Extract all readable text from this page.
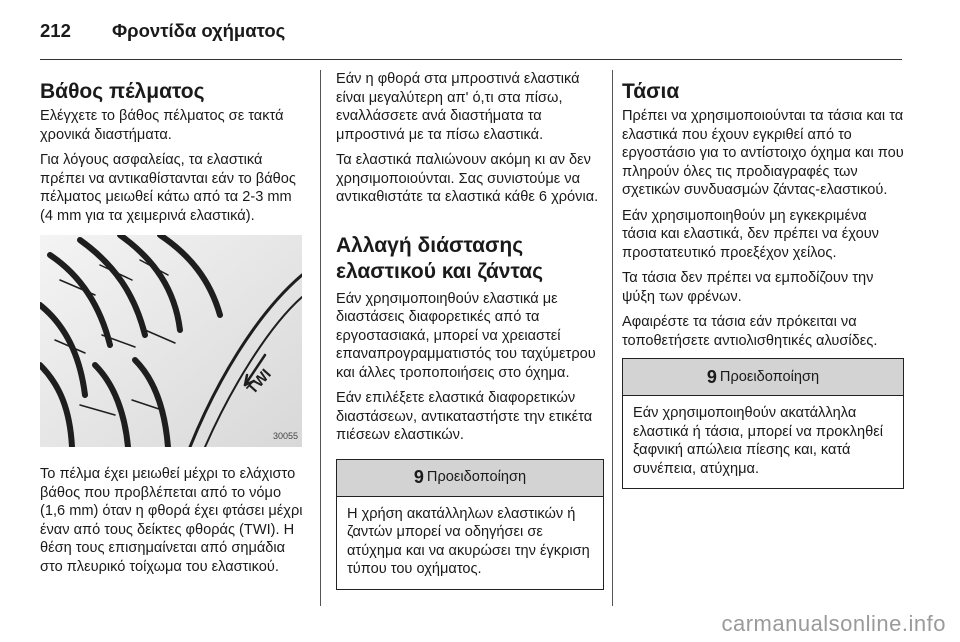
212 Φροντίδα οχήματος
Βάθος πέλματος

Ελέγχετε το βάθος πέλματος σε τακτά χρονικά διαστήματα.

Για λόγους ασφαλείας, τα ελαστικά πρέπει να αντικαθίστανται εάν το βάθος πέλματος μειωθεί κάτω από τα 2-3 mm (4 mm για τα χειμερινά ελαστικά).

TWI
30055

Το πέλμα έχει μειωθεί μέχρι το ελάχιστο βάθος που προβλέπεται από το νόμο (1,6 mm) όταν η φθορά έχει φτάσει μέχρι έναν από τους δείκτες φθοράς (TWI). Η θέση τους επισημαίνεται από σημάδια στο πλευρικό τοίχωμα του ελαστικού.

Εάν η φθορά στα μπροστινά ελαστικά είναι μεγαλύτερη απ' ό,τι στα πίσω, εναλλάσσετε ανά διαστήματα τα μπροστινά με τα πίσω ελαστικά.

Τα ελαστικά παλιώνουν ακόμη κι αν δεν χρησιμοποιούνται. Σας συνιστούμε να αντικαθιστάτε τα ελαστικά κάθε 6 χρόνια.

Αλλαγή διάστασης ελαστικού και ζάντας

Εάν χρησιμοποιηθούν ελαστικά με διαστάσεις διαφορετικές από τα εργοστασιακά, μπορεί να χρειαστεί επαναπρογραμματιστός του ταχύμετρου και άλλες τροποποιήσεις στο όχημα.

Εάν επιλέξετε ελαστικά διαφορετικών διαστάσεων, αντικαταστήστε την ετικέτα πιέσεων ελαστικών.

9 Προειδοποίηση
Η χρήση ακατάλληλων ελαστικών ή ζαντών μπορεί να οδηγήσει σε ατύχημα και να ακυρώσει την έγκριση τύπου του οχήματος.
Τάσια

Πρέπει να χρησιμοποιούνται τα τάσια και τα ελαστικά που έχουν εγκριθεί από το εργοστάσιο για το αντίστοιχο όχημα και που πληρούν όλες τις προδιαγραφές των σχετικών συνδυασμών ζάντας-ελαστικού.

Εάν χρησιμοποιηθούν μη εγκεκριμένα τάσια και ελαστικά, δεν πρέπει να έχουν προστατευτικό προεξέχον χείλος.

Τα τάσια δεν πρέπει να εμποδίζουν την ψύξη των φρένων.

Αφαιρέστε τα τάσια εάν πρόκειται να τοποθετήσετε αντιολισθητικές αλυσίδες.

9 Προειδοποίηση
Εάν χρησιμοποιηθούν ακατάλληλα ελαστικά ή τάσια, μπορεί να προκληθεί ξαφνική απώλεια πίεσης και, κατά συνέπεια, ατύχημα.
carmanualsonline.info
